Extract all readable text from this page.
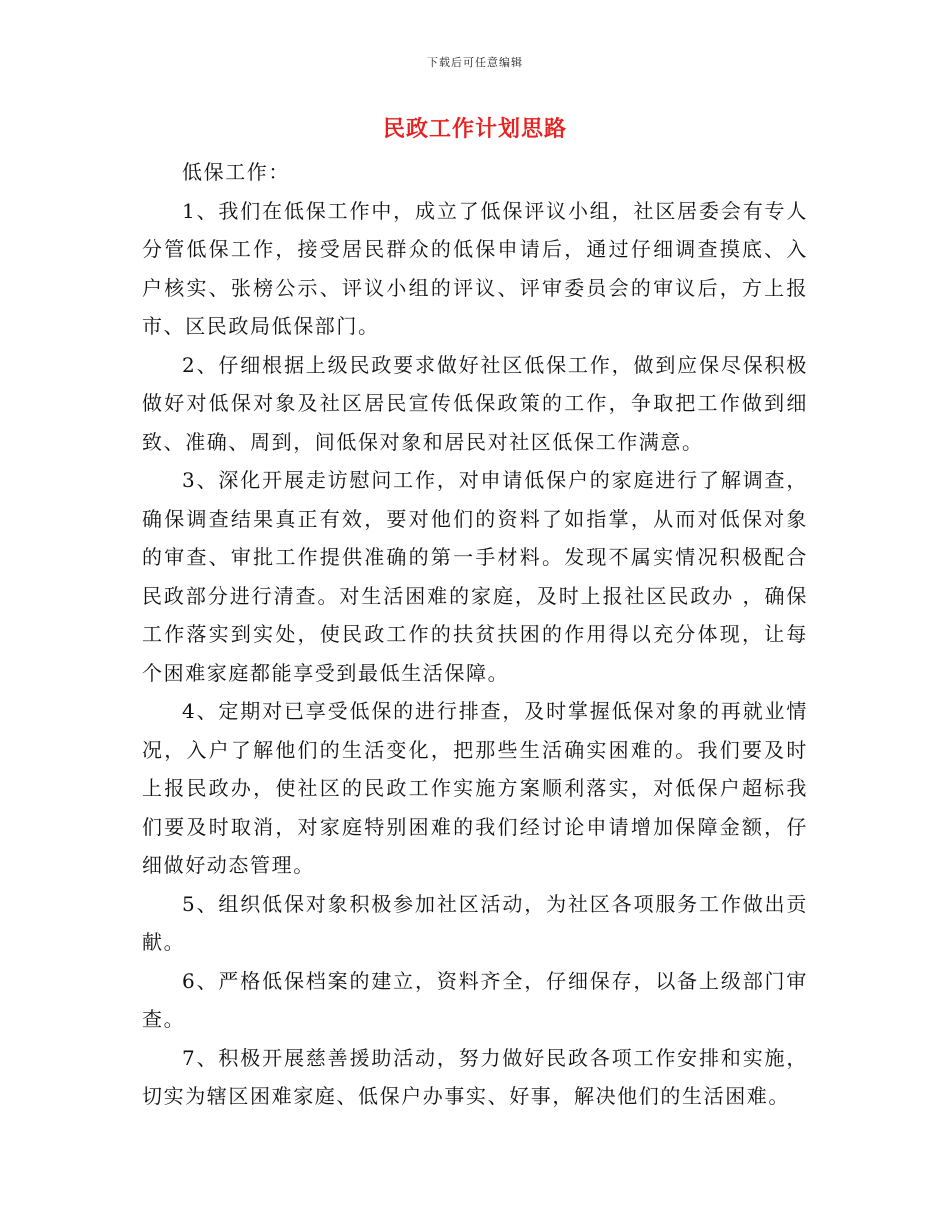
下载后可任意编辑
民政工作计划思路

低保工作：

1、我们在低保工作中，成立了低保评议小组，社区居委会有专人分管低保工作，接受居民群众的低保申请后，通过仔细调查摸底、入户核实、张榜公示、评议小组的评议、评审委员会的审议后，方上报市、区民政局低保部门。

2、仔细根据上级民政要求做好社区低保工作，做到应保尽保积极做好对低保对象及社区居民宣传低保政策的工作，争取把工作做到细致、准确、周到，间低保对象和居民对社区低保工作满意。

3、深化开展走访慰问工作，对申请低保户的家庭进行了解调查，确保调查结果真正有效，要对他们的资料了如指掌，从而对低保对象的审查、审批工作提供准确的第一手材料。发现不属实情况积极配合民政部分进行清查。对生活困难的家庭，及时上报社区民政办 ，确保工作落实到实处，使民政工作的扶贫扶困的作用得以充分体现，让每个困难家庭都能享受到最低生活保障。

4、定期对已享受低保的进行排查，及时掌握低保对象的再就业情况，入户了解他们的生活变化，把那些生活确实困难的。我们要及时上报民政办，使社区的民政工作实施方案顺利落实，对低保户超标我们要及时取消，对家庭特别困难的我们经讨论申请增加保障金额，仔细做好动态管理。

5、组织低保对象积极参加社区活动，为社区各项服务工作做出贡献。

6、严格低保档案的建立，资料齐全，仔细保存，以备上级部门审查。

7、积极开展慈善援助活动，努力做好民政各项工作安排和实施，切实为辖区困难家庭、低保户办事实、好事，解决他们的生活困难。
